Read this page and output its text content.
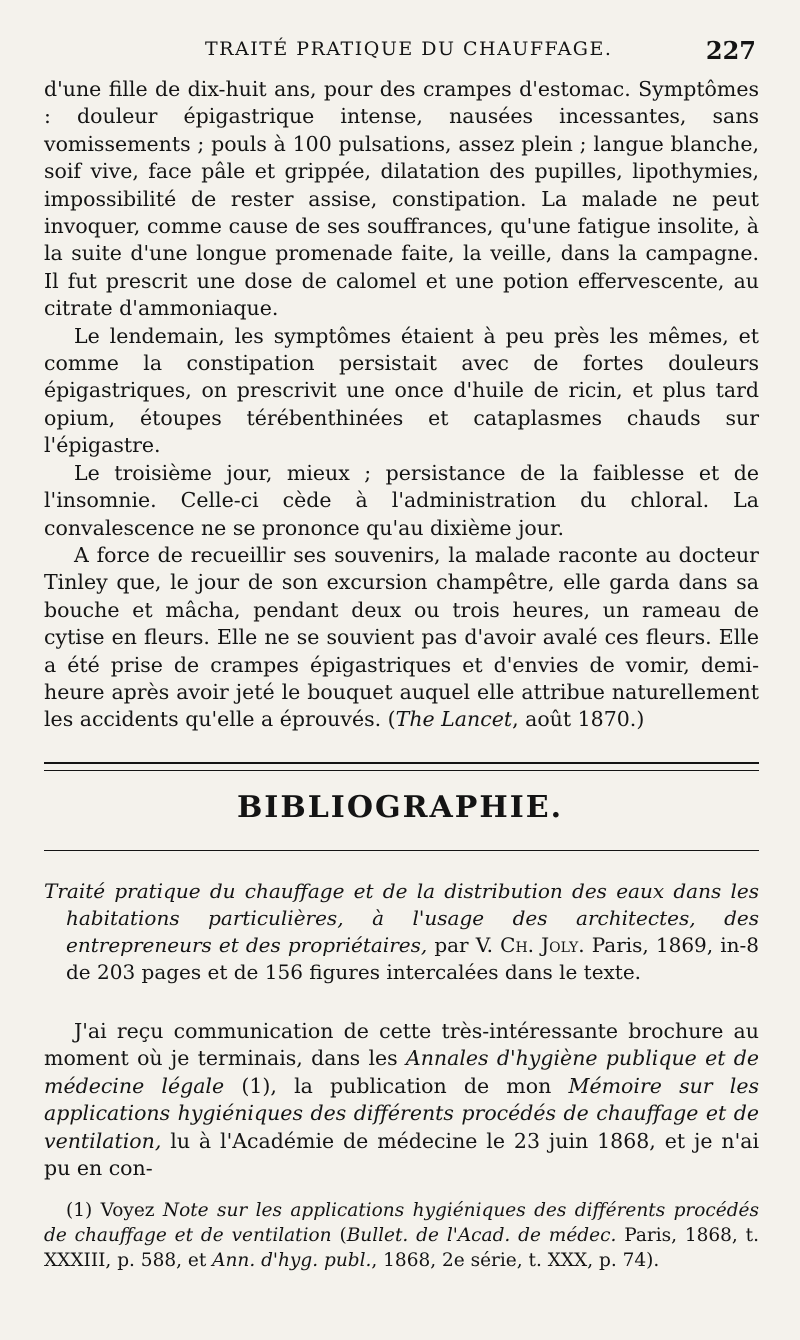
TRAITÉ PRATIQUE DU CHAUFFAGE.	227

d'une fille de dix-huit ans, pour des crampes d'estomac. Symptômes : douleur épigastrique intense, nausées incessantes, sans vomissements ; pouls à 100 pulsations, assez plein ; langue blanche, soif vive, face pâle et grippée, dilatation des pupilles, lipothymies, impossibilité de rester assise, constipation. La malade ne peut invoquer, comme cause de ses souffrances, qu'une fatigue insolite, à la suite d'une longue promenade faite, la veille, dans la campagne. Il fut prescrit une dose de calomel et une potion effervescente, au citrate d'ammoniaque.

Le lendemain, les symptômes étaient à peu près les mêmes, et comme la constipation persistait avec de fortes douleurs épigastriques, on prescrivit une once d'huile de ricin, et plus tard opium, étoupes térébenthinées et cataplasmes chauds sur l'épigastre.

Le troisième jour, mieux ; persistance de la faiblesse et de l'insomnie. Celle-ci cède à l'administration du chloral. La convalescence ne se prononce qu'au dixième jour.

A force de recueillir ses souvenirs, la malade raconte au docteur Tinley que, le jour de son excursion champêtre, elle garda dans sa bouche et mâcha, pendant deux ou trois heures, un rameau de cytise en fleurs. Elle ne se souvient pas d'avoir avalé ces fleurs. Elle a été prise de crampes épigastriques et d'envies de vomir, demi-heure après avoir jeté le bouquet auquel elle attribue naturellement les accidents qu'elle a éprouvés. (The Lancet, août 1870.)

BIBLIOGRAPHIE.

Traité pratique du chauffage et de la distribution des eaux dans les habitations particulières, à l'usage des architectes, des entrepreneurs et des propriétaires, par V. Ch. Joly. Paris, 1869, in-8 de 203 pages et de 156 figures intercalées dans le texte.

J'ai reçu communication de cette très-intéressante brochure au moment où je terminais, dans les Annales d'hygiène publique et de médecine légale (1), la publication de mon Mémoire sur les applications hygiéniques des différents procédés de chauffage et de ventilation, lu à l'Académie de médecine le 23 juin 1868, et je n'ai pu en con-

(1) Voyez Note sur les applications hygiéniques des différents procédés de chauffage et de ventilation (Bullet. de l'Acad. de médec. Paris, 1868, t. XXXIII, p. 588, et Ann. d'hyg. publ., 1868, 2e série, t. XXX, p. 74).
